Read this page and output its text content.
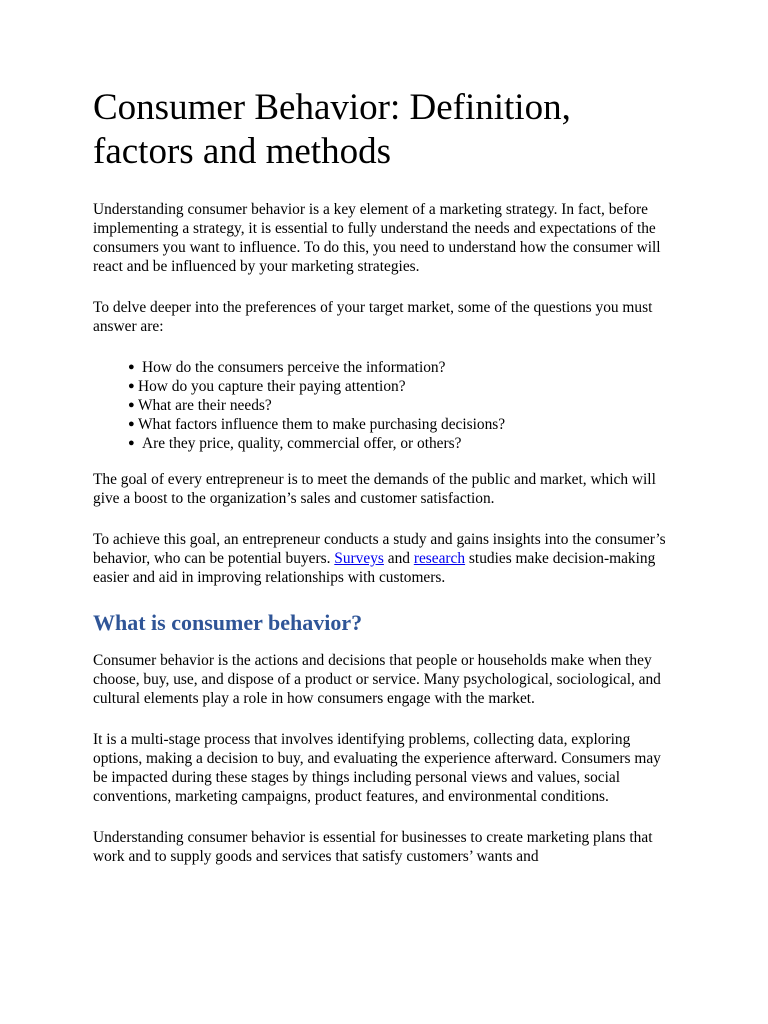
Consumer Behavior: Definition, factors and methods

Understanding consumer behavior is a key element of a marketing strategy. In fact, before implementing a strategy, it is essential to fully understand the needs and expectations of the consumers you want to influence. To do this, you need to understand how the consumer will react and be influenced by your marketing strategies.

To delve deeper into the preferences of your target market, some of the questions you must answer are:

● How do the consumers perceive the information?
● How do you capture their paying attention?
● What are their needs?
● What factors influence them to make purchasing decisions?
● Are they price, quality, commercial offer, or others?

The goal of every entrepreneur is to meet the demands of the public and market, which will give a boost to the organization’s sales and customer satisfaction.

To achieve this goal, an entrepreneur conducts a study and gains insights into the consumer’s behavior, who can be potential buyers. Surveys and research studies make decision-making easier and aid in improving relationships with customers.

What is consumer behavior?

Consumer behavior is the actions and decisions that people or households make when they choose, buy, use, and dispose of a product or service. Many psychological, sociological, and cultural elements play a role in how consumers engage with the market.

It is a multi-stage process that involves identifying problems, collecting data, exploring options, making a decision to buy, and evaluating the experience afterward. Consumers may be impacted during these stages by things including personal views and values, social conventions, marketing campaigns, product features, and environmental conditions.

Understanding consumer behavior is essential for businesses to create marketing plans that work and to supply goods and services that satisfy customers’ wants and
